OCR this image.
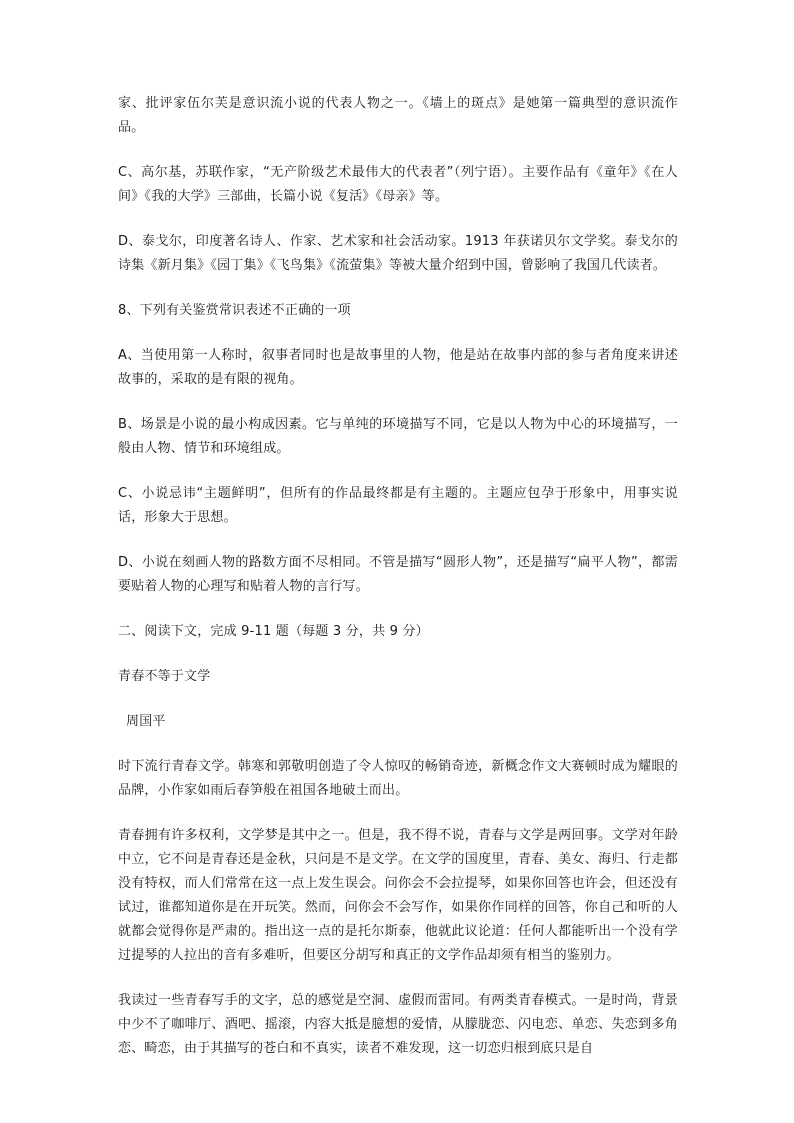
家、批评家伍尔芙是意识流小说的代表人物之一。《墙上的斑点》是她第一篇典型的意识流作品。

C、高尔基，苏联作家，“无产阶级艺术最伟大的代表者”（列宁语）。主要作品有《童年》《在人间》《我的大学》三部曲，长篇小说《复活》《母亲》等。

D、泰戈尔，印度著名诗人、作家、艺术家和社会活动家。1913 年获诺贝尔文学奖。泰戈尔的诗集《新月集》《园丁集》《飞鸟集》《流萤集》等被大量介绍到中国，曾影响了我国几代读者。

8、下列有关鉴赏常识表述不正确的一项

A、当使用第一人称时，叙事者同时也是故事里的人物，他是站在故事内部的参与者角度来讲述故事的，采取的是有限的视角。

B、场景是小说的最小构成因素。它与单纯的环境描写不同，它是以人物为中心的环境描写，一般由人物、情节和环境组成。

C、小说忌讳“主题鲜明”，但所有的作品最终都是有主题的。主题应包孕于形象中，用事实说话，形象大于思想。

D、小说在刻画人物的路数方面不尽相同。不管是描写“圆形人物”，还是描写“扁平人物”，都需要贴着人物的心理写和贴着人物的言行写。

二、阅读下文，完成 9-11 题（每题 3 分，共 9 分）

青春不等于文学

周国平

时下流行青春文学。韩寒和郭敬明创造了令人惊叹的畅销奇迹，新概念作文大赛顿时成为耀眼的品牌，小作家如雨后春笋般在祖国各地破土而出。

青春拥有许多权利，文学梦是其中之一。但是，我不得不说，青春与文学是两回事。文学对年龄中立，它不问是青春还是金秋，只问是不是文学。在文学的国度里，青春、美女、海归、行走都没有特权，而人们常常在这一点上发生误会。问你会不会拉提琴，如果你回答也许会，但还没有试过，谁都知道你是在开玩笑。然而，问你会不会写作，如果你作同样的回答，你自己和听的人就都会觉得你是严肃的。指出这一点的是托尔斯泰，他就此议论道：任何人都能听出一个没有学过提琴的人拉出的音有多难听，但要区分胡写和真正的文学作品却须有相当的鉴别力。

我读过一些青春写手的文字，总的感觉是空洞、虚假而雷同。有两类青春模式。一是时尚，背景中少不了咖啡厅、酒吧、摇滚，内容大抵是臆想的爱情，从朦胧恋、闪电恋、单恋、失恋到多角恋、畸恋，由于其描写的苍白和不真实，读者不难发现，这一切恋归根到底只是自
